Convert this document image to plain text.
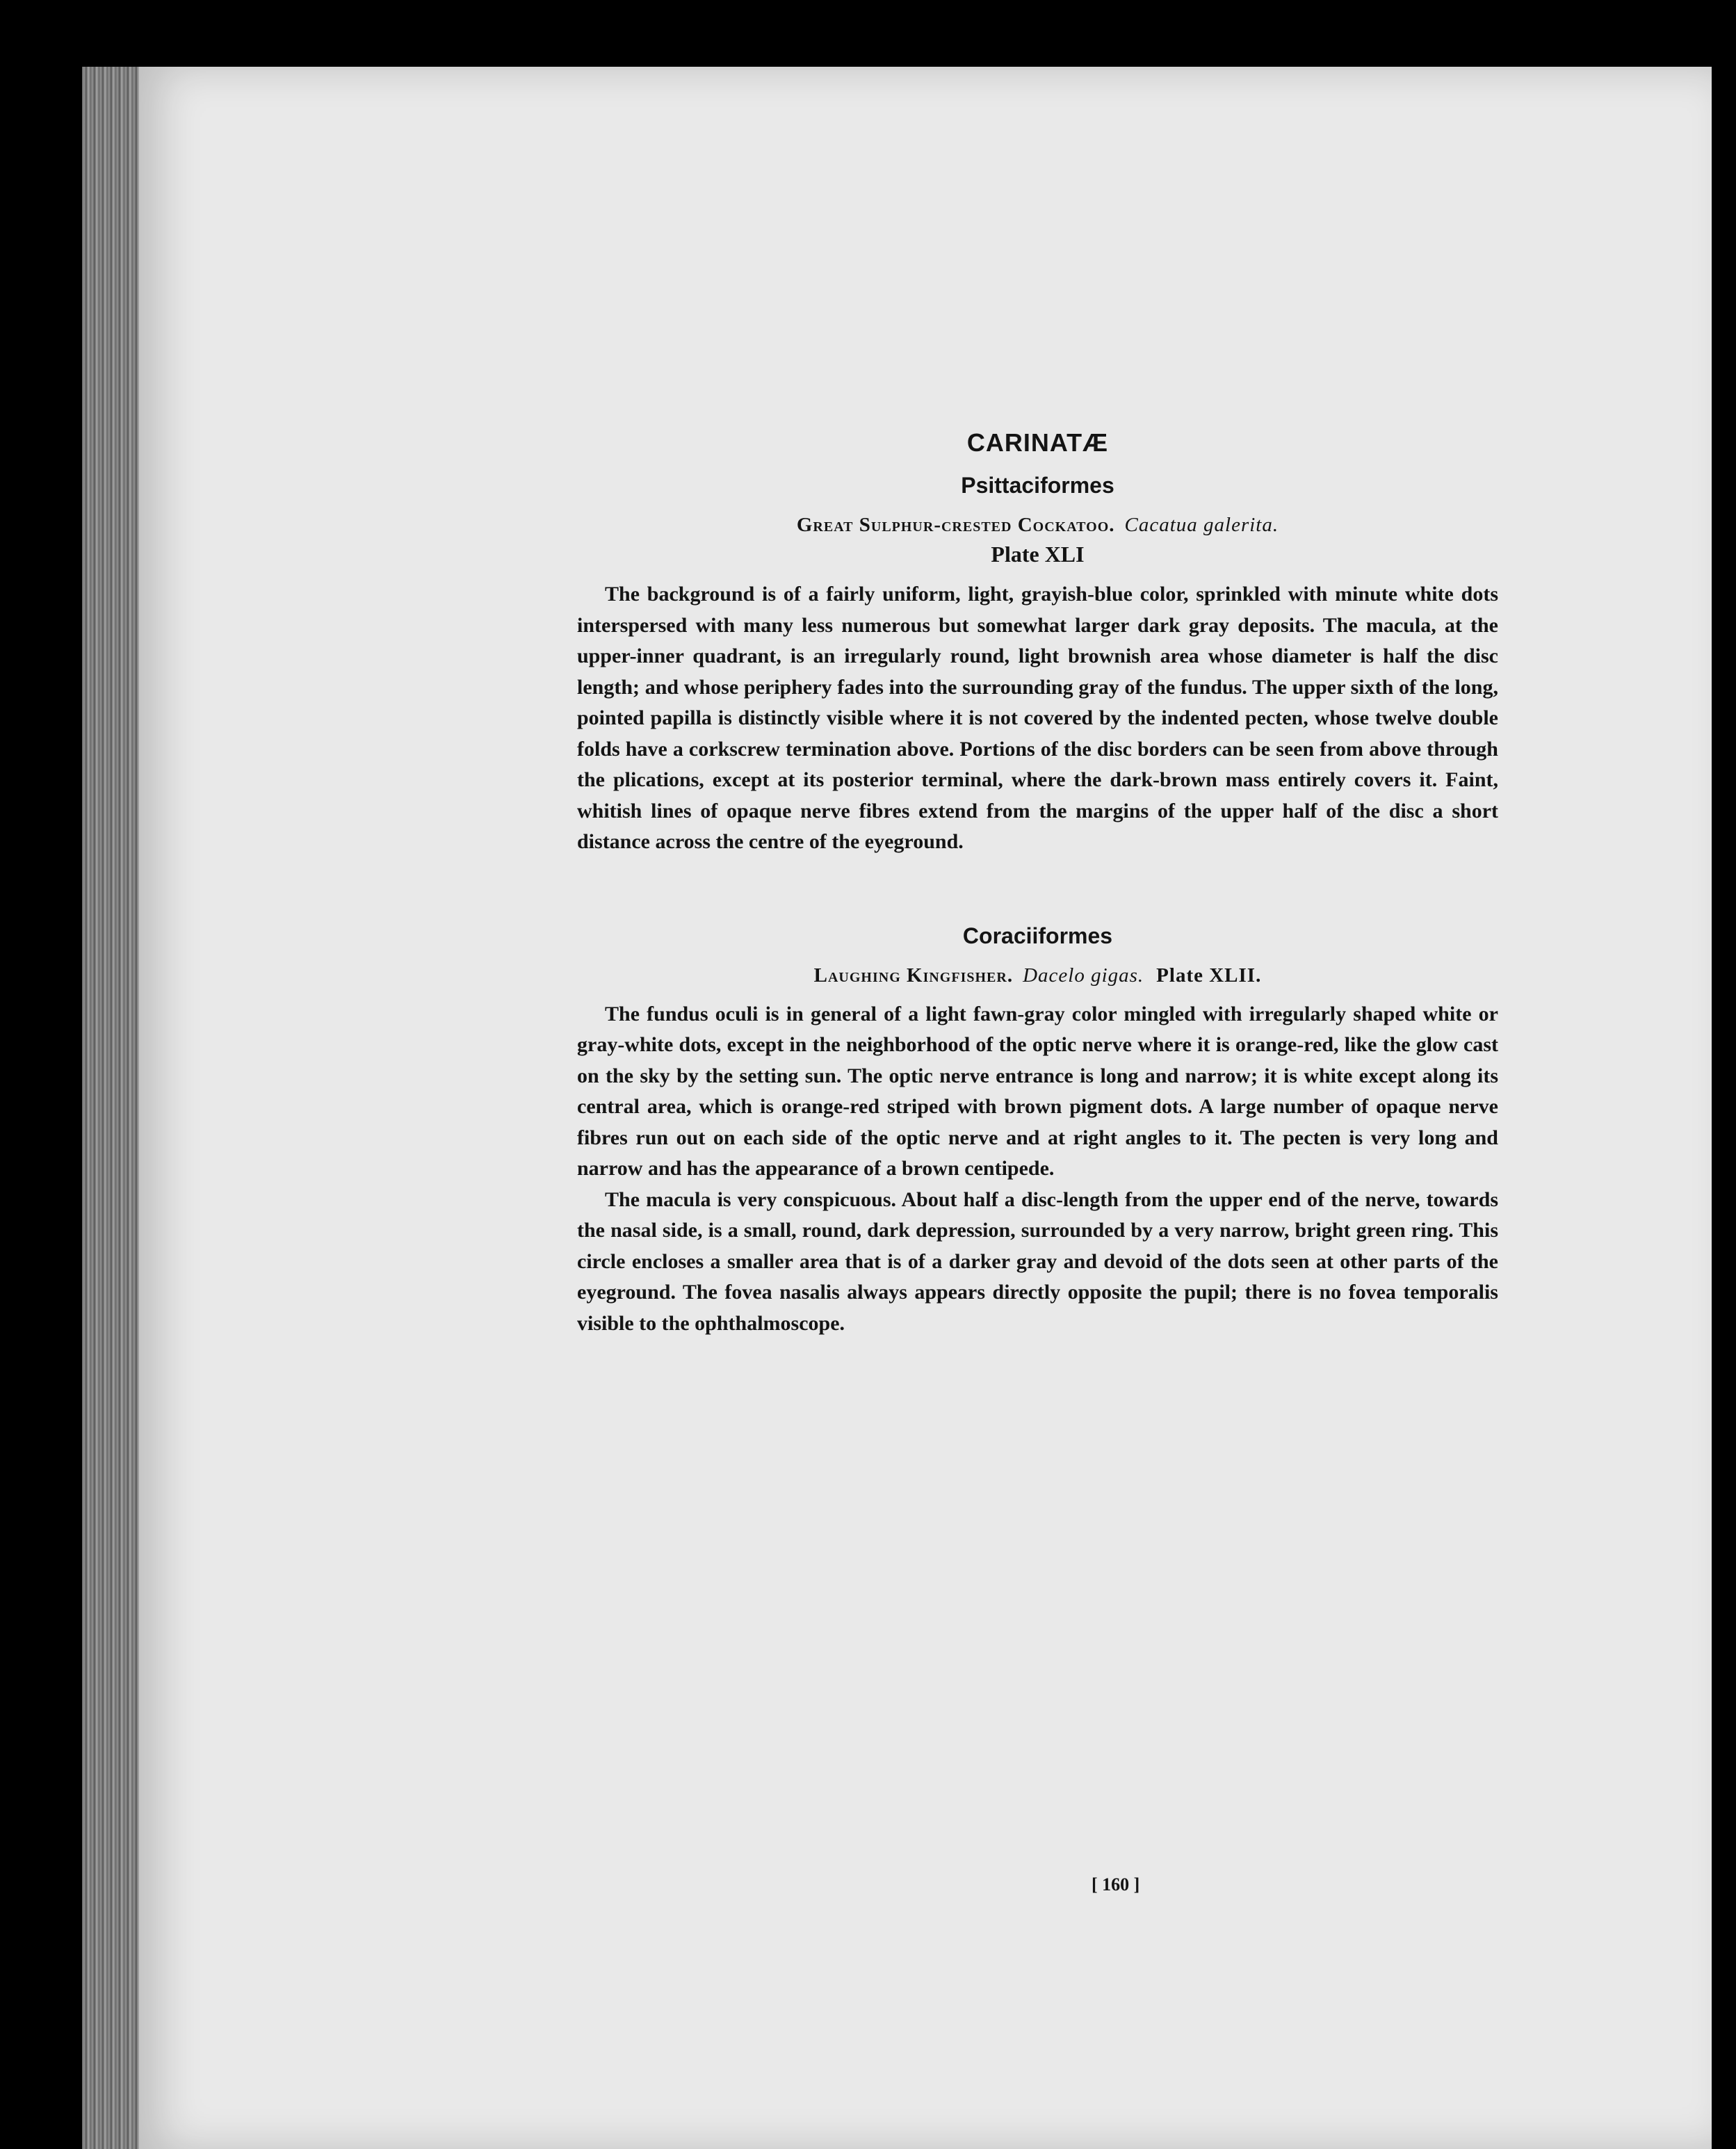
CARINATÆ
Psittaciformes

Great Sulphur-crested Cockatoo. Cacatua galerita.

Plate XLI

The background is of a fairly uniform, light, grayish-blue color, sprinkled with minute white dots interspersed with many less numerous but somewhat larger dark gray deposits. The macula, at the upper-inner quadrant, is an irregularly round, light brownish area whose diameter is half the disc length; and whose periphery fades into the surrounding gray of the fundus. The upper sixth of the long, pointed papilla is distinctly visible where it is not covered by the indented pecten, whose twelve double folds have a corkscrew termination above. Portions of the disc borders can be seen from above through the plications, except at its posterior terminal, where the dark-brown mass entirely covers it. Faint, whitish lines of opaque nerve fibres extend from the margins of the upper half of the disc a short distance across the centre of the eyeground.

Coraciiformes

Laughing Kingfisher. Dacelo gigas. Plate XLII.

The fundus oculi is in general of a light fawn-gray color mingled with irregularly shaped white or gray-white dots, except in the neighborhood of the optic nerve where it is orange-red, like the glow cast on the sky by the setting sun. The optic nerve entrance is long and narrow; it is white except along its central area, which is orange-red striped with brown pigment dots. A large number of opaque nerve fibres run out on each side of the optic nerve and at right angles to it. The pecten is very long and narrow and has the appearance of a brown centipede.

The macula is very conspicuous. About half a disc-length from the upper end of the nerve, towards the nasal side, is a small, round, dark depression, surrounded by a very narrow, bright green ring. This circle encloses a smaller area that is of a darker gray and devoid of the dots seen at other parts of the eyeground. The fovea nasalis always appears directly opposite the pupil; there is no fovea temporalis visible to the ophthalmoscope.

[ 160 ]
